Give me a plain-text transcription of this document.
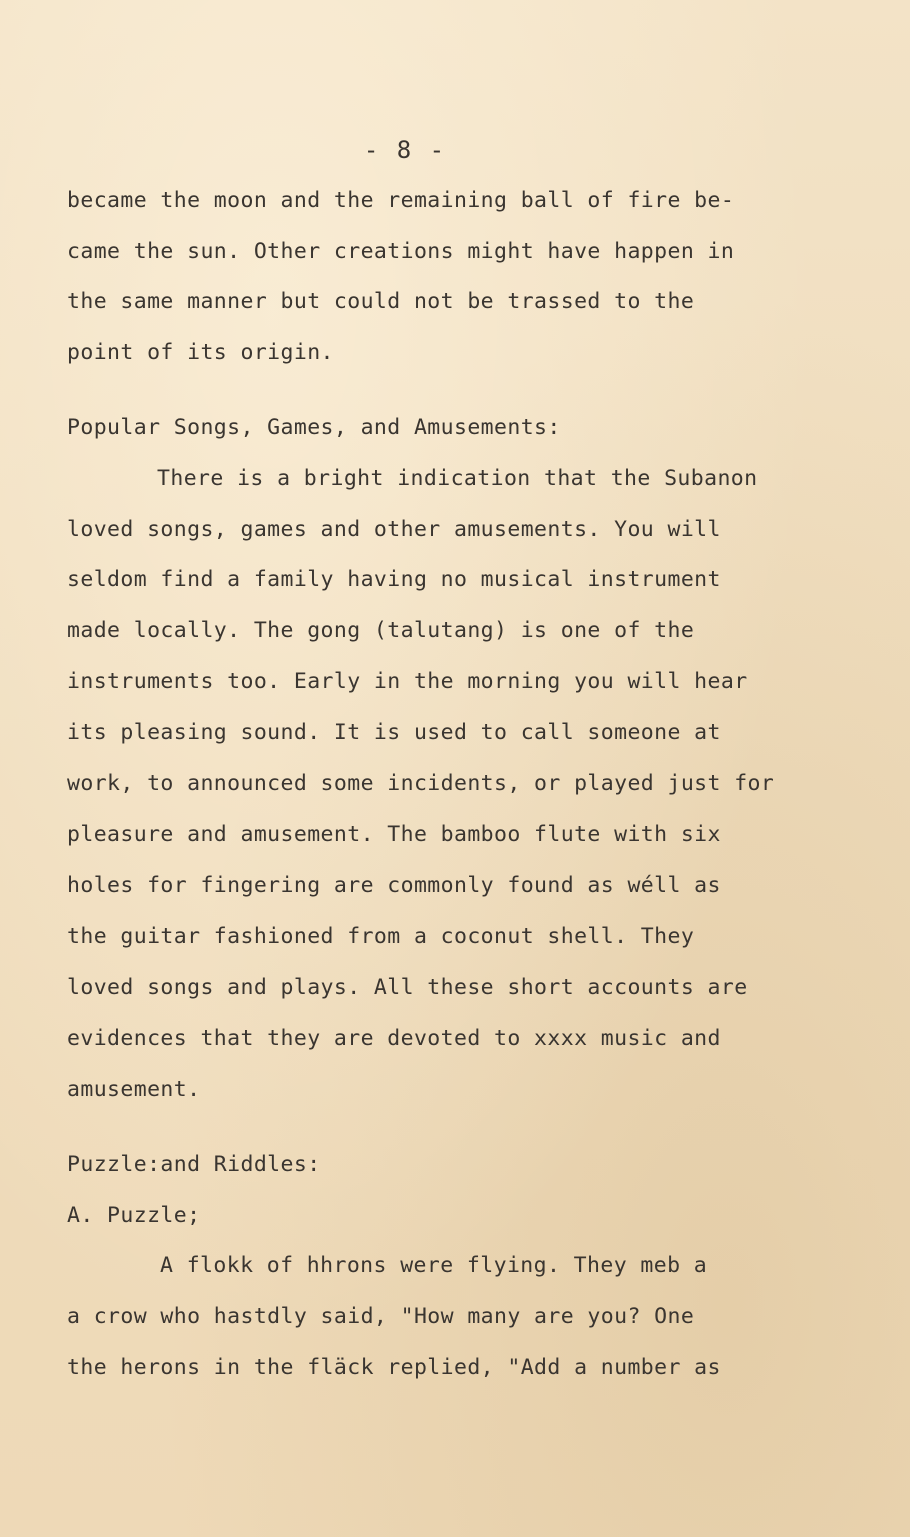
- 8 -
became the moon and the remaining ball of fire be-
came the sun. Other creations might have happen in
the same manner but could not be trassed to the
point of its origin.
Popular Songs, Games, and Amusements:
There is a bright indication that the Subanon
loved songs, games and other amusements. You will
seldom find a family having no musical instrument
made locally. The gong (talutang) is one of the
instruments too. Early in the morning you will hear
its pleasing sound. It is used to call someone at
work, to announced some incidents, or played just for
pleasure and amusement. The bamboo flute with six
holes for fingering are commonly found as wéll as
the guitar fashioned from a coconut shell. They
loved songs and plays. All these short accounts are
evidences that they are devoted to xxxx music and
amusement.
Puzzle:and Riddles:
A. Puzzle;
A flokk of hhrons were flying. They meb a
a crow who hastdly said, "How many are you? One
the herons in the fläck replied, "Add a number as
